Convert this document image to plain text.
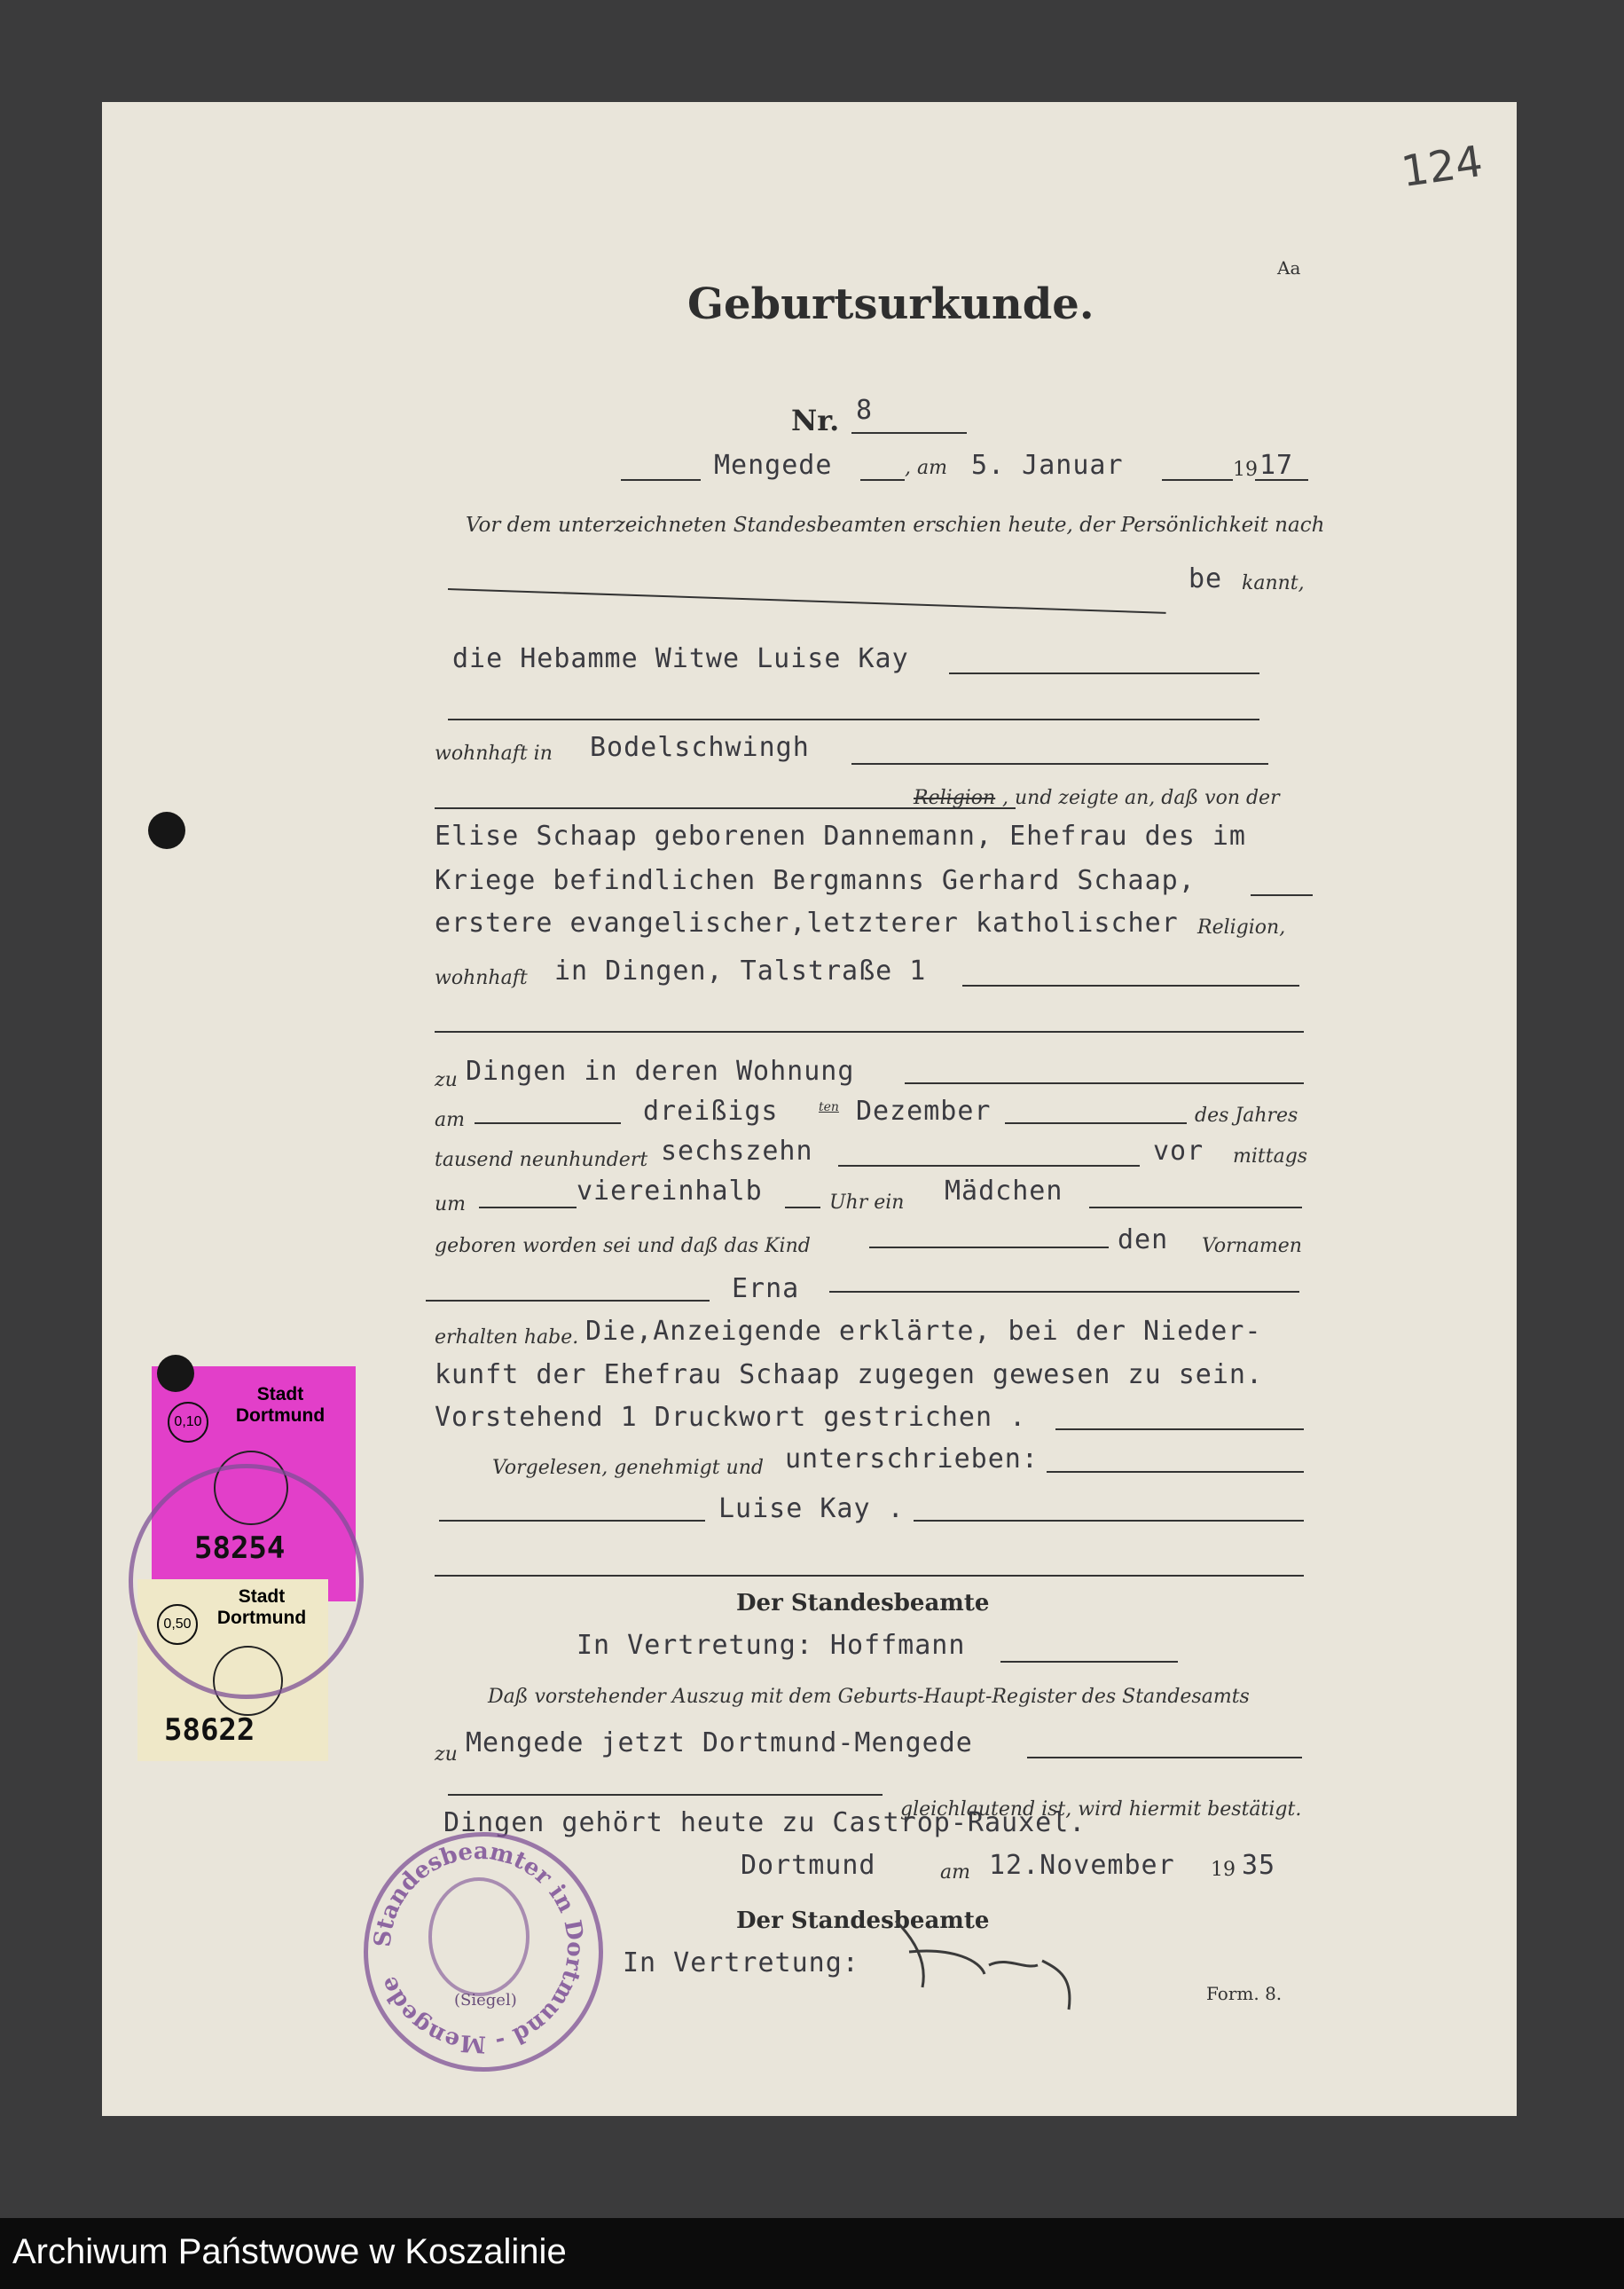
124
Aa
Geburtsurkunde.
Nr. 8
Mengede	, am 5. Januar	19 17
Vor dem unterzeichneten Standesbeamten erschien heute, der Persönlichkeit nach
be kannt,
die Hebamme Witwe Luise Kay
wohnhaft in Bodelschwingh
Religion , und zeigte an, daß von der
Elise Schaap geborenen Dannemann, Ehefrau des im
Kriege befindlichen Bergmanns Gerhard Schaap,
erstere evangelischer,letzterer katholischer Religion,
wohnhaft in Dingen, Talstraße 1
zu Dingen in deren Wohnung
am	dreißigs	ten Dezember	des Jahres
tausend neunhundert sechszehn	vor mittags
um	viereinhalb	Uhr ein Mädchen
geboren worden sei und daß das Kind	den Vornamen
Erna
erhalten habe. Die,Anzeigende erklärte, bei der Nieder-
kunft der Ehefrau Schaap zugegen gewesen zu sein.
Vorstehend 1 Druckwort gestrichen .
Vorgelesen, genehmigt und unterschrieben:
Luise Kay .
Der Standesbeamte
In Vertretung: Hoffmann
Daß vorstehender Auszug mit dem Geburts-Haupt-Register des Standesamts
zu Mengede jetzt Dortmund-Mengede
gleichlautend ist, wird hiermit bestätigt.
Dingen gehört heute zu Castrop-Rauxel.
Dortmund	am 12.November 19 35
Der Standesbeamte
In Vertretung:
Form. 8.
0,10
Stadt
Dortmund
58254
0,50
Stadt
Dortmund
58622
Standesbeamter in Dortmund - Mengede
(Siegel)
Archiwum Państwowe w Koszalinie
